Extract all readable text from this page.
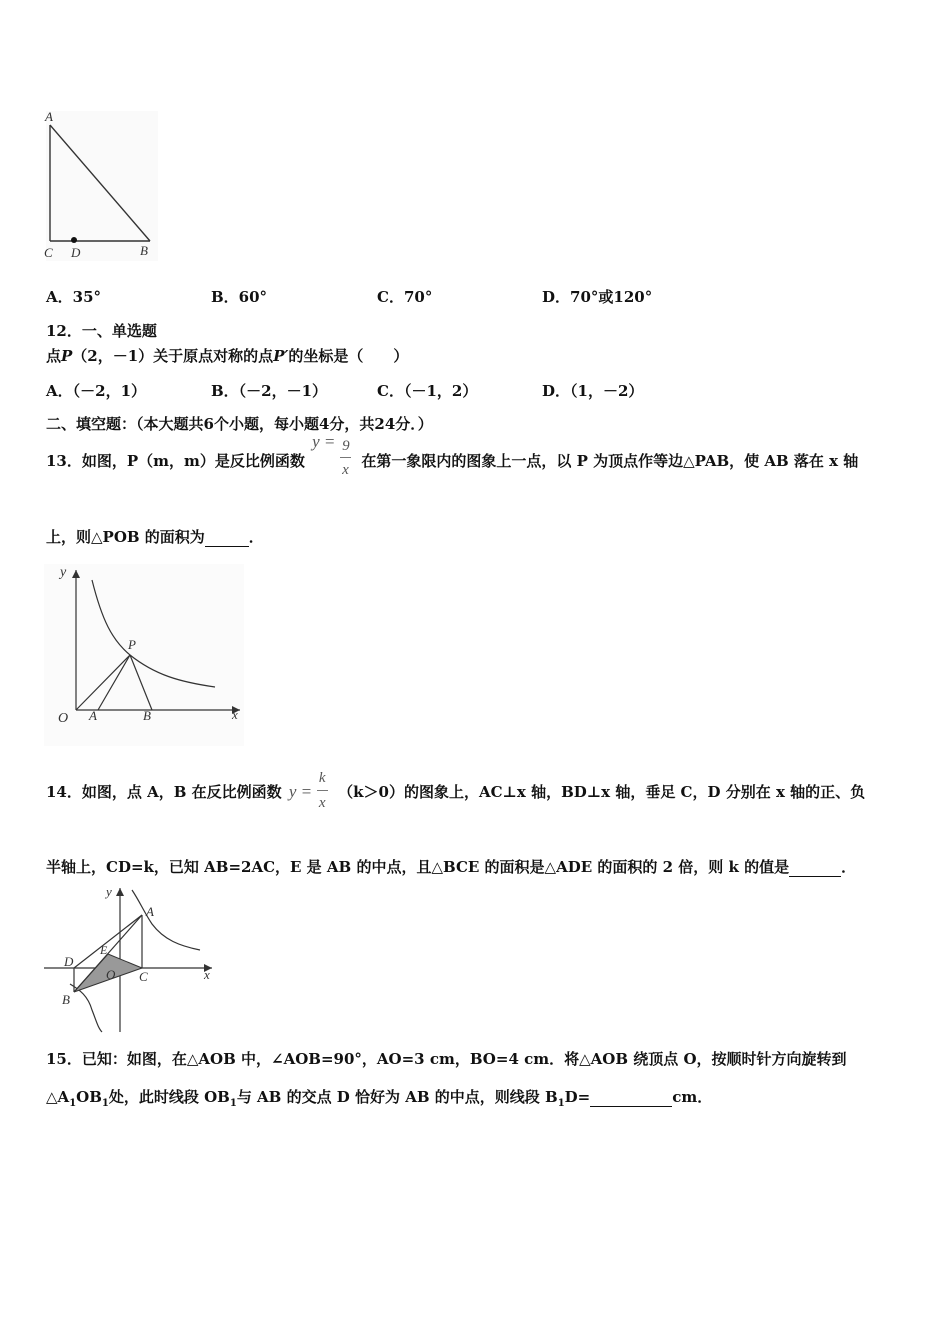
A
C D	B
A．35°	B．60°	C．70°	D．70°或120°
12．一、单选题
点P（2，－1）关于原点对称的点P′的坐标是（　　）
A．（－2，1）	B．（－2，－1）	C．（－1，2）	D．（1，－2）
二、填空题：（本大题共6个小题，每小题4分，共24分．）
13．如图，P（m，m）是反比例函数
y = 9
x 在第一象限内的图象上一点，以 P 为顶点作等边△PAB，使 AB 落在 x 轴
上，则△POB 的面积为	．
y
P
O A	B	x
14．如图，点 A，B 在反比例函数 y =
k
x
（k＞0）的图象上，AC⊥x 轴，BD⊥x 轴，垂足 C，D 分别在 x 轴的正、负
半轴上，CD=k，已知 AB=2AC，E 是 AB 的中点，且△BCE 的面积是△ADE 的面积的 2 倍，则 k 的值是	．
y
A
D
E
O C
B
x
15．已知：如图，在△AOB 中，∠AOB=90°，AO=3 cm，BO=4 cm．将△AOB 绕顶点 O，按顺时针方向旋转到
$\triangle A_1OB_1$处，此时线段 $OB_1$与 AB 的交点 D 恰好为 AB 的中点，则线段 $B_1D=$	cm．
